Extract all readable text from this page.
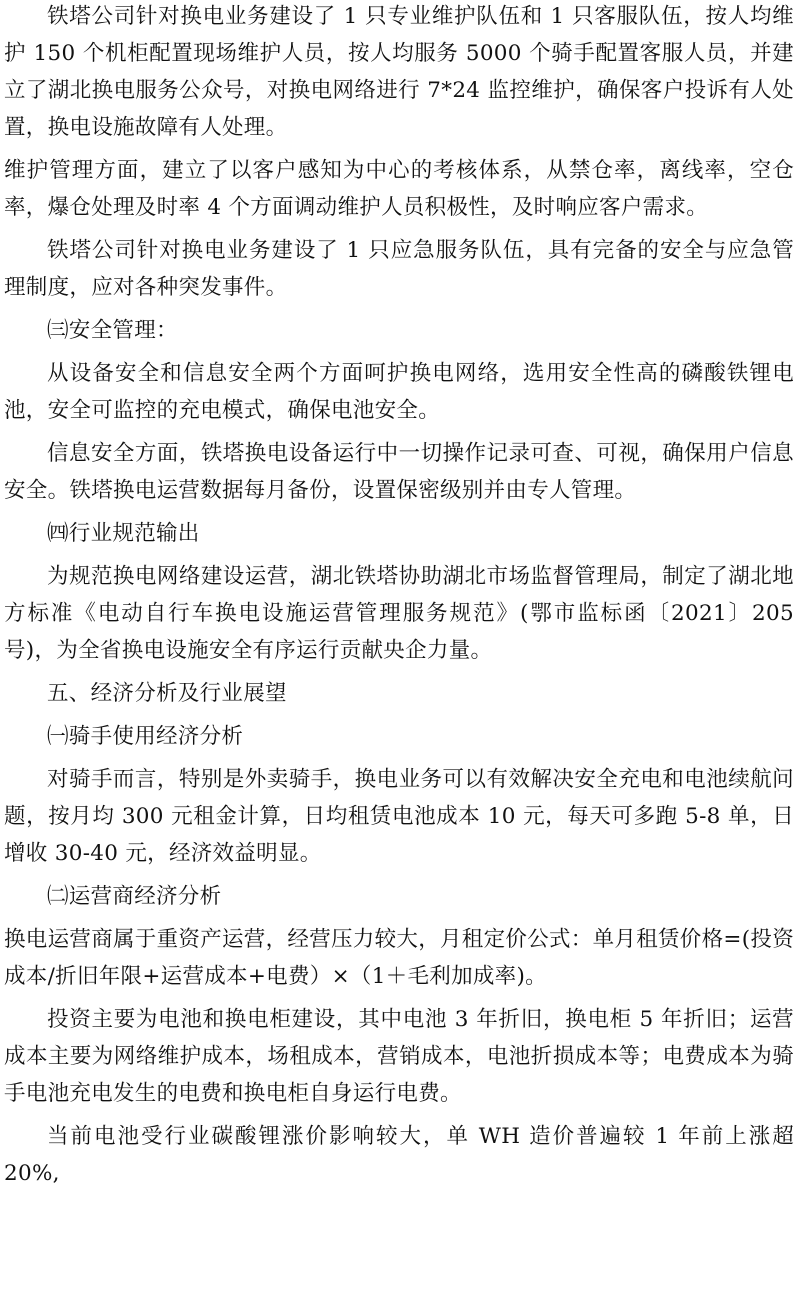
铁塔公司针对换电业务建设了 1 只专业维护队伍和 1 只客服队伍，按人均维护 150 个机柜配置现场维护人员，按人均服务 5000 个骑手配置客服人员，并建立了湖北换电服务公众号，对换电网络进行 7*24 监控维护，确保客户投诉有人处置，换电设施故障有人处理。

维护管理方面，建立了以客户感知为中心的考核体系，从禁仓率，离线率，空仓率，爆仓处理及时率 4 个方面调动维护人员积极性，及时响应客户需求。

铁塔公司针对换电业务建设了 1 只应急服务队伍，具有完备的安全与应急管理制度，应对各种突发事件。

㈢安全管理：

从设备安全和信息安全两个方面呵护换电网络，选用安全性高的磷酸铁锂电池，安全可监控的充电模式，确保电池安全。

信息安全方面，铁塔换电设备运行中一切操作记录可查、可视，确保用户信息安全。铁塔换电运营数据每月备份，设置保密级别并由专人管理。

㈣行业规范输出

为规范换电网络建设运营，湖北铁塔协助湖北市场监督管理局，制定了湖北地方标准《电动自行车换电设施运营管理服务规范》(鄂市监标函〔2021〕205 号)，为全省换电设施安全有序运行贡献央企力量。

五、经济分析及行业展望

㈠骑手使用经济分析

对骑手而言，特别是外卖骑手，换电业务可以有效解决安全充电和电池续航问题，按月均 300 元租金计算，日均租赁电池成本 10 元，每天可多跑 5-8 单，日增收 30-40 元，经济效益明显。

㈡运营商经济分析

换电运营商属于重资产运营，经营压力较大，月租定价公式：单月租赁价格=(投资成本/折旧年限+运营成本+电费）×（1＋毛利加成率)。

投资主要为电池和换电柜建设，其中电池 3 年折旧，换电柜 5 年折旧；运营成本主要为网络维护成本，场租成本，营销成本，电池折损成本等；电费成本为骑手电池充电发生的电费和换电柜自身运行电费。

当前电池受行业碳酸锂涨价影响较大，单 WH 造价普遍较 1 年前上涨超 20%,
